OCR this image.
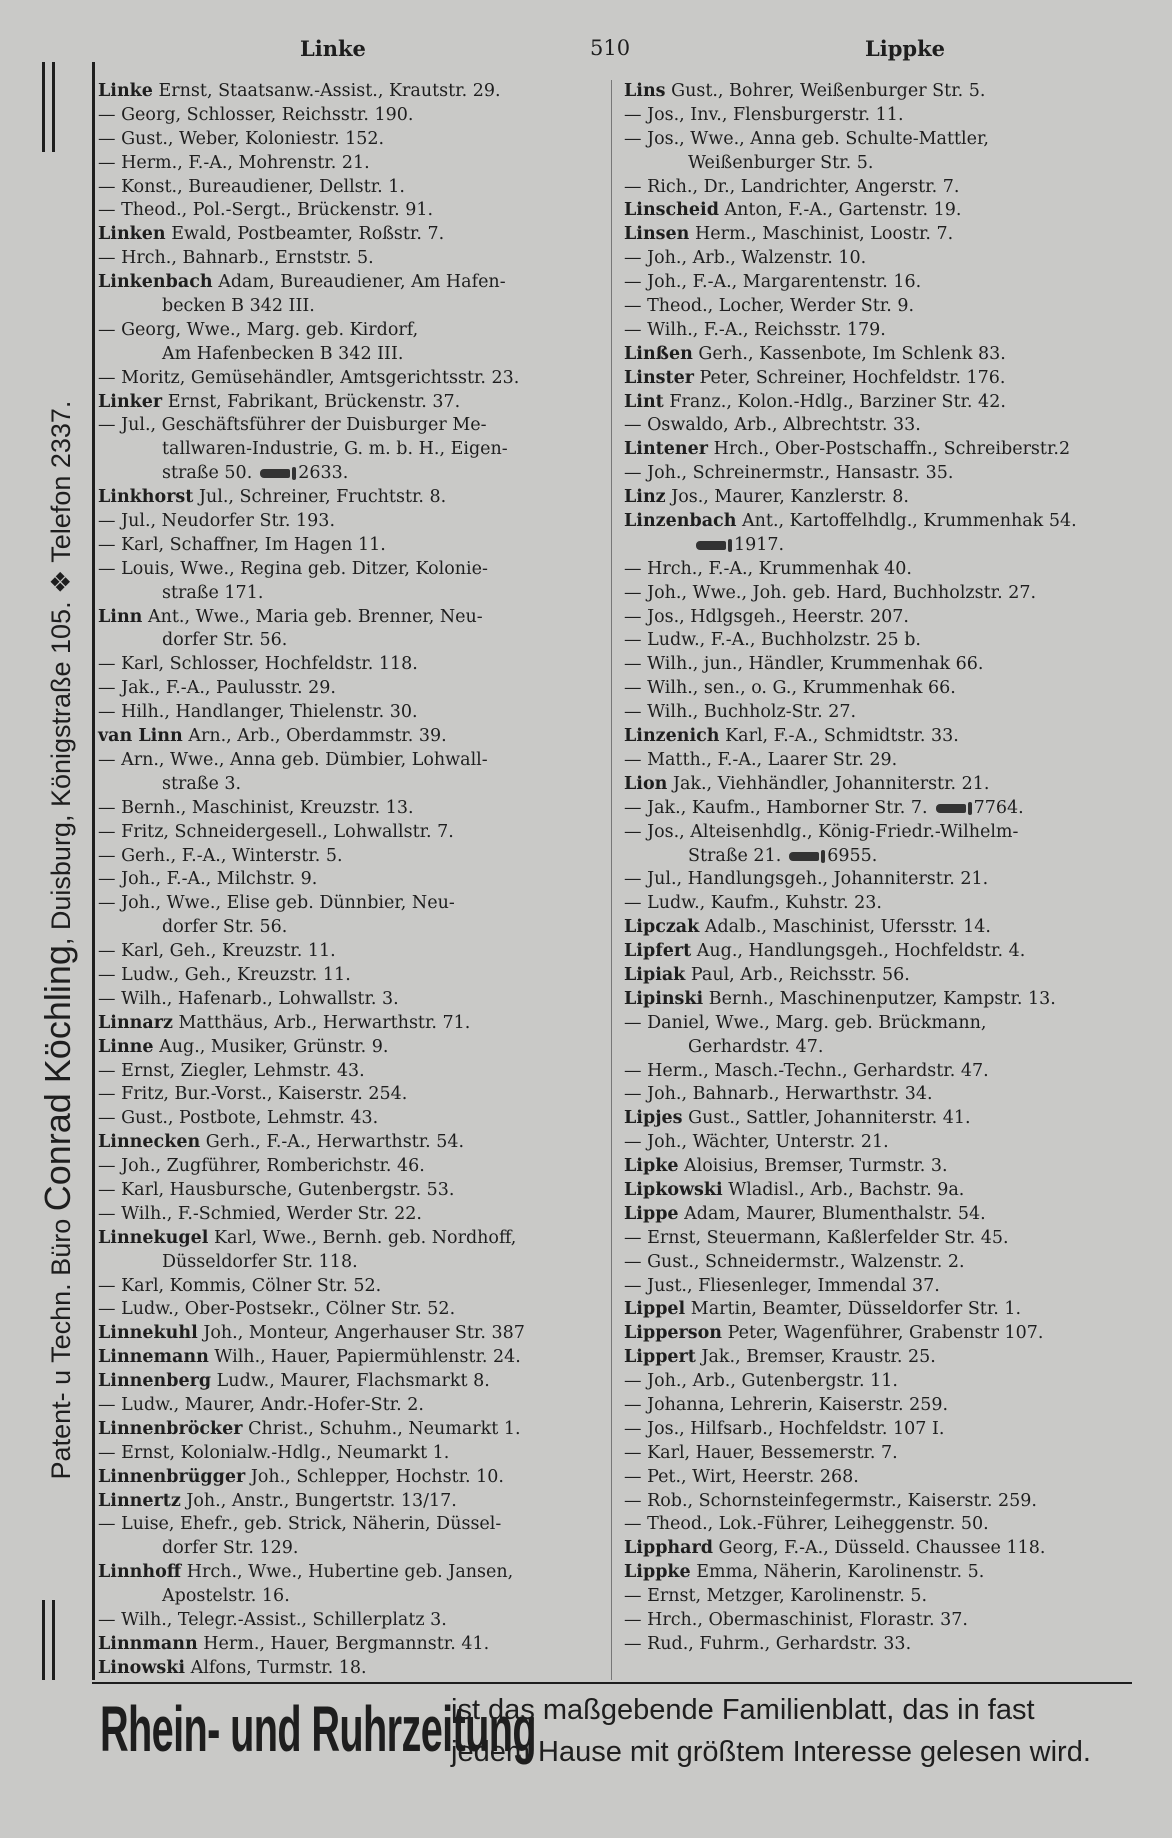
Patent- u Techn. Büro Conrad Köchling, Duisburg, Königstraße 105. ❖ Telefon 2337.
Linke	510	Lippke
Linke Ernst, Staatsanw.-Assist., Krautstr. 29.
— Georg, Schlosser, Reichsstr. 190.
— Gust., Weber, Koloniestr. 152.
— Herm., F.-A., Mohrenstr. 21.
— Konst., Bureaudiener, Dellstr. 1.
— Theod., Pol.-Sergt., Brückenstr. 91.
Linken Ewald, Postbeamter, Roßstr. 7.
— Hrch., Bahnarb., Ernststr. 5.
Linkenbach Adam, Bureaudiener, Am Hafen-
becken B 342 III.
— Georg, Wwe., Marg. geb. Kirdorf,
Am Hafenbecken B 342 III.
— Moritz, Gemüsehändler, Amtsgerichtsstr. 23.
Linker Ernst, Fabrikant, Brückenstr. 37.
— Jul., Geschäftsführer der Duisburger Me-
tallwaren-Industrie, G. m. b. H., Eigen-
straße 50.	2633.
Linkhorst Jul., Schreiner, Fruchtstr. 8.
— Jul., Neudorfer Str. 193.
— Karl, Schaffner, Im Hagen 11.
— Louis, Wwe., Regina geb. Ditzer, Kolonie-
straße 171.
Linn Ant., Wwe., Maria geb. Brenner, Neu-
dorfer Str. 56.
— Karl, Schlosser, Hochfeldstr. 118.
— Jak., F.-A., Paulusstr. 29.
— Hilh., Handlanger, Thielenstr. 30.
van Linn Arn., Arb., Oberdammstr. 39.
— Arn., Wwe., Anna geb. Dümbier, Lohwall-
straße 3.
— Bernh., Maschinist, Kreuzstr. 13.
— Fritz, Schneidergesell., Lohwallstr. 7.
— Gerh., F.-A., Winterstr. 5.
— Joh., F.-A., Milchstr. 9.
— Joh., Wwe., Elise geb. Dünnbier, Neu-
dorfer Str. 56.
— Karl, Geh., Kreuzstr. 11.
— Ludw., Geh., Kreuzstr. 11.
— Wilh., Hafenarb., Lohwallstr. 3.
Linnarz Matthäus, Arb., Herwarthstr. 71.
Linne Aug., Musiker, Grünstr. 9.
— Ernst, Ziegler, Lehmstr. 43.
— Fritz, Bur.-Vorst., Kaiserstr. 254.
— Gust., Postbote, Lehmstr. 43.
Linnecken Gerh., F.-A., Herwarthstr. 54.
— Joh., Zugführer, Romberichstr. 46.
— Karl, Hausbursche, Gutenbergstr. 53.
— Wilh., F.-Schmied, Werder Str. 22.
Linnekugel Karl, Wwe., Bernh. geb. Nordhoff,
Düsseldorfer Str. 118.
— Karl, Kommis, Cölner Str. 52.
— Ludw., Ober-Postsekr., Cölner Str. 52.
Linnekuhl Joh., Monteur, Angerhauser Str. 387
Linnemann Wilh., Hauer, Papiermühlenstr. 24.
Linnenberg Ludw., Maurer, Flachsmarkt 8.
— Ludw., Maurer, Andr.-Hofer-Str. 2.
Linnenbröcker Christ., Schuhm., Neumarkt 1.
— Ernst, Kolonialw.-Hdlg., Neumarkt 1.
Linnenbrügger Joh., Schlepper, Hochstr. 10.
Linnertz Joh., Anstr., Bungertstr. 13/17.
— Luise, Ehefr., geb. Strick, Näherin, Düssel-
dorfer Str. 129.
Linnhoff Hrch., Wwe., Hubertine geb. Jansen,
Apostelstr. 16.
— Wilh., Telegr.-Assist., Schillerplatz 3.
Linnmann Herm., Hauer, Bergmannstr. 41.
Linowski Alfons, Turmstr. 18.
Lins Gust., Bohrer, Weißenburger Str. 5.
— Jos., Inv., Flensburgerstr. 11.
— Jos., Wwe., Anna geb. Schulte-Mattler,
Weißenburger Str. 5.
— Rich., Dr., Landrichter, Angerstr. 7.
Linscheid Anton, F.-A., Gartenstr. 19.
Linsen Herm., Maschinist, Loostr. 7.
— Joh., Arb., Walzenstr. 10.
— Joh., F.-A., Margarentenstr. 16.
— Theod., Locher, Werder Str. 9.
— Wilh., F.-A., Reichsstr. 179.
Linßen Gerh., Kassenbote, Im Schlenk 83.
Linster Peter, Schreiner, Hochfeldstr. 176.
Lint Franz., Kolon.-Hdlg., Barziner Str. 42.
— Oswaldo, Arb., Albrechtstr. 33.
Lintener Hrch., Ober-Postschaffn., Schreiberstr.2
— Joh., Schreinermstr., Hansastr. 35.
Linz Jos., Maurer, Kanzlerstr. 8.
Linzenbach Ant., Kartoffelhdlg., Krummenhak 54.
1917.
— Hrch., F.-A., Krummenhak 40.
— Joh., Wwe., Joh. geb. Hard, Buchholzstr. 27.
— Jos., Hdlgsgeh., Heerstr. 207.
— Ludw., F.-A., Buchholzstr. 25 b.
— Wilh., jun., Händler, Krummenhak 66.
— Wilh., sen., o. G., Krummenhak 66.
— Wilh., Buchholz-Str. 27.
Linzenich Karl, F.-A., Schmidtstr. 33.
— Matth., F.-A., Laarer Str. 29.
Lion Jak., Viehhändler, Johanniterstr. 21.
— Jak., Kaufm., Hamborner Str. 7.	7764.
— Jos., Alteisenhdlg., König-Friedr.-Wilhelm-
Straße 21.	6955.
— Jul., Handlungsgeh., Johanniterstr. 21.
— Ludw., Kaufm., Kuhstr. 23.
Lipczak Adalb., Maschinist, Ufersstr. 14.
Lipfert Aug., Handlungsgeh., Hochfeldstr. 4.
Lipiak Paul, Arb., Reichsstr. 56.
Lipinski Bernh., Maschinenputzer, Kampstr. 13.
— Daniel, Wwe., Marg. geb. Brückmann,
Gerhardstr. 47.
— Herm., Masch.-Techn., Gerhardstr. 47.
— Joh., Bahnarb., Herwarthstr. 34.
Lipjes Gust., Sattler, Johanniterstr. 41.
— Joh., Wächter, Unterstr. 21.
Lipke Aloisius, Bremser, Turmstr. 3.
Lipkowski Wladisl., Arb., Bachstr. 9a.
Lippe Adam, Maurer, Blumenthalstr. 54.
— Ernst, Steuermann, Kaßlerfelder Str. 45.
— Gust., Schneidermstr., Walzenstr. 2.
— Just., Fliesenleger, Immendal 37.
Lippel Martin, Beamter, Düsseldorfer Str. 1.
Lipperson Peter, Wagenführer, Grabenstr 107.
Lippert Jak., Bremser, Kraustr. 25.
— Joh., Arb., Gutenbergstr. 11.
— Johanna, Lehrerin, Kaiserstr. 259.
— Jos., Hilfsarb., Hochfeldstr. 107 I.
— Karl, Hauer, Bessemerstr. 7.
— Pet., Wirt, Heerstr. 268.
— Rob., Schornsteinfegermstr., Kaiserstr. 259.
— Theod., Lok.-Führer, Leiheggenstr. 50.
Lipphard Georg, F.-A., Düsseld. Chaussee 118.
Lippke Emma, Näherin, Karolinenstr. 5.
— Ernst, Metzger, Karolinenstr. 5.
— Hrch., Obermaschinist, Florastr. 37.
— Rud., Fuhrm., Gerhardstr. 33.
Rhein- und Ruhrzeitung
ist das maßgebende Familienblatt, das in fast
jedem Hause mit größtem Interesse gelesen wird.
